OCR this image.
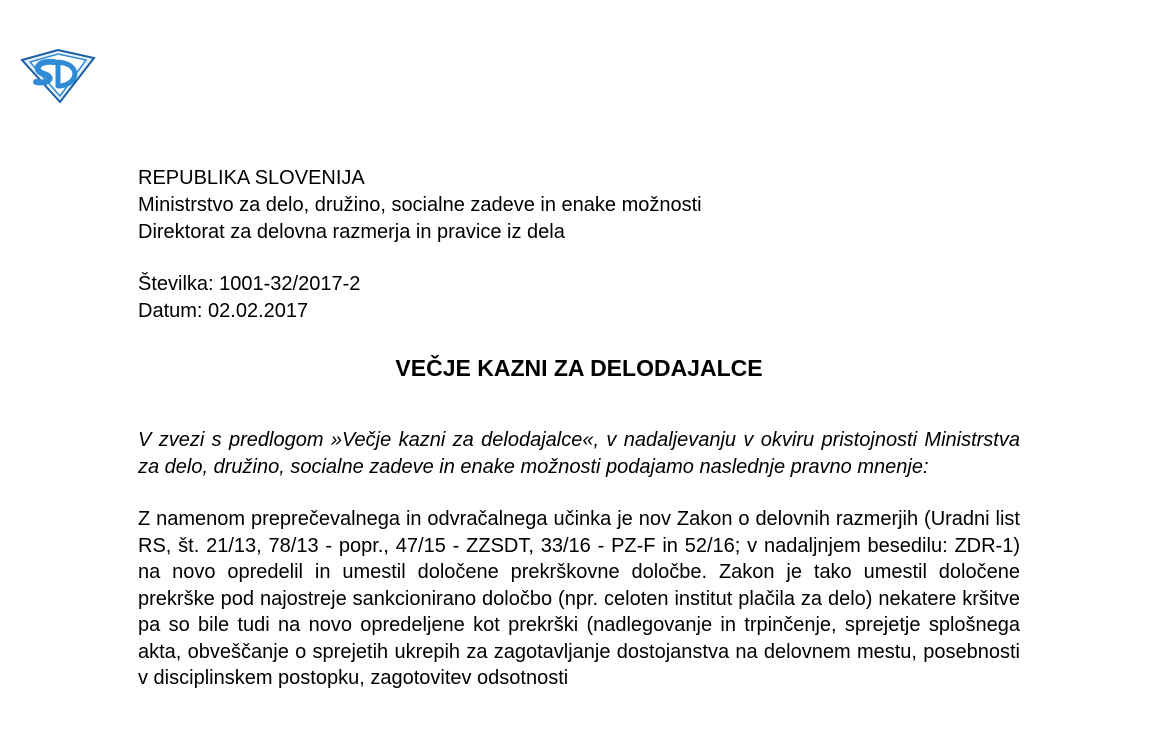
REPUBLIKA SLOVENIJA
Ministrstvo za delo, družino, socialne zadeve in enake možnosti
Direktorat za delovna razmerja in pravice iz dela
Številka: 1001-32/2017-2
Datum: 02.02.2017
VEČJE KAZNI ZA DELODAJALCE

V zvezi s predlogom »Večje kazni za delodajalce«, v nadaljevanju v okviru pristojnosti Ministrstva za delo, družino, socialne zadeve in enake možnosti podajamo naslednje pravno mnenje:

Z namenom preprečevalnega in odvračalnega učinka je nov Zakon o delovnih razmerjih (Uradni list RS, št. 21/13, 78/13 - popr., 47/15 - ZZSDT, 33/16 - PZ-F in 52/16; v nadaljnjem besedilu: ZDR-1) na novo opredelil in umestil določene prekrškovne določbe. Zakon je tako umestil določene prekrške pod najostreje sankcionirano določbo (npr. celoten institut plačila za delo) nekatere kršitve pa so bile tudi na novo opredeljene kot prekrški (nadlegovanje in trpinčenje, sprejetje splošnega akta, obveščanje o sprejetih ukrepih za zagotavljanje dostojanstva na delovnem mestu, posebnosti v disciplinskem postopku, zagotovitev odsotnosti
